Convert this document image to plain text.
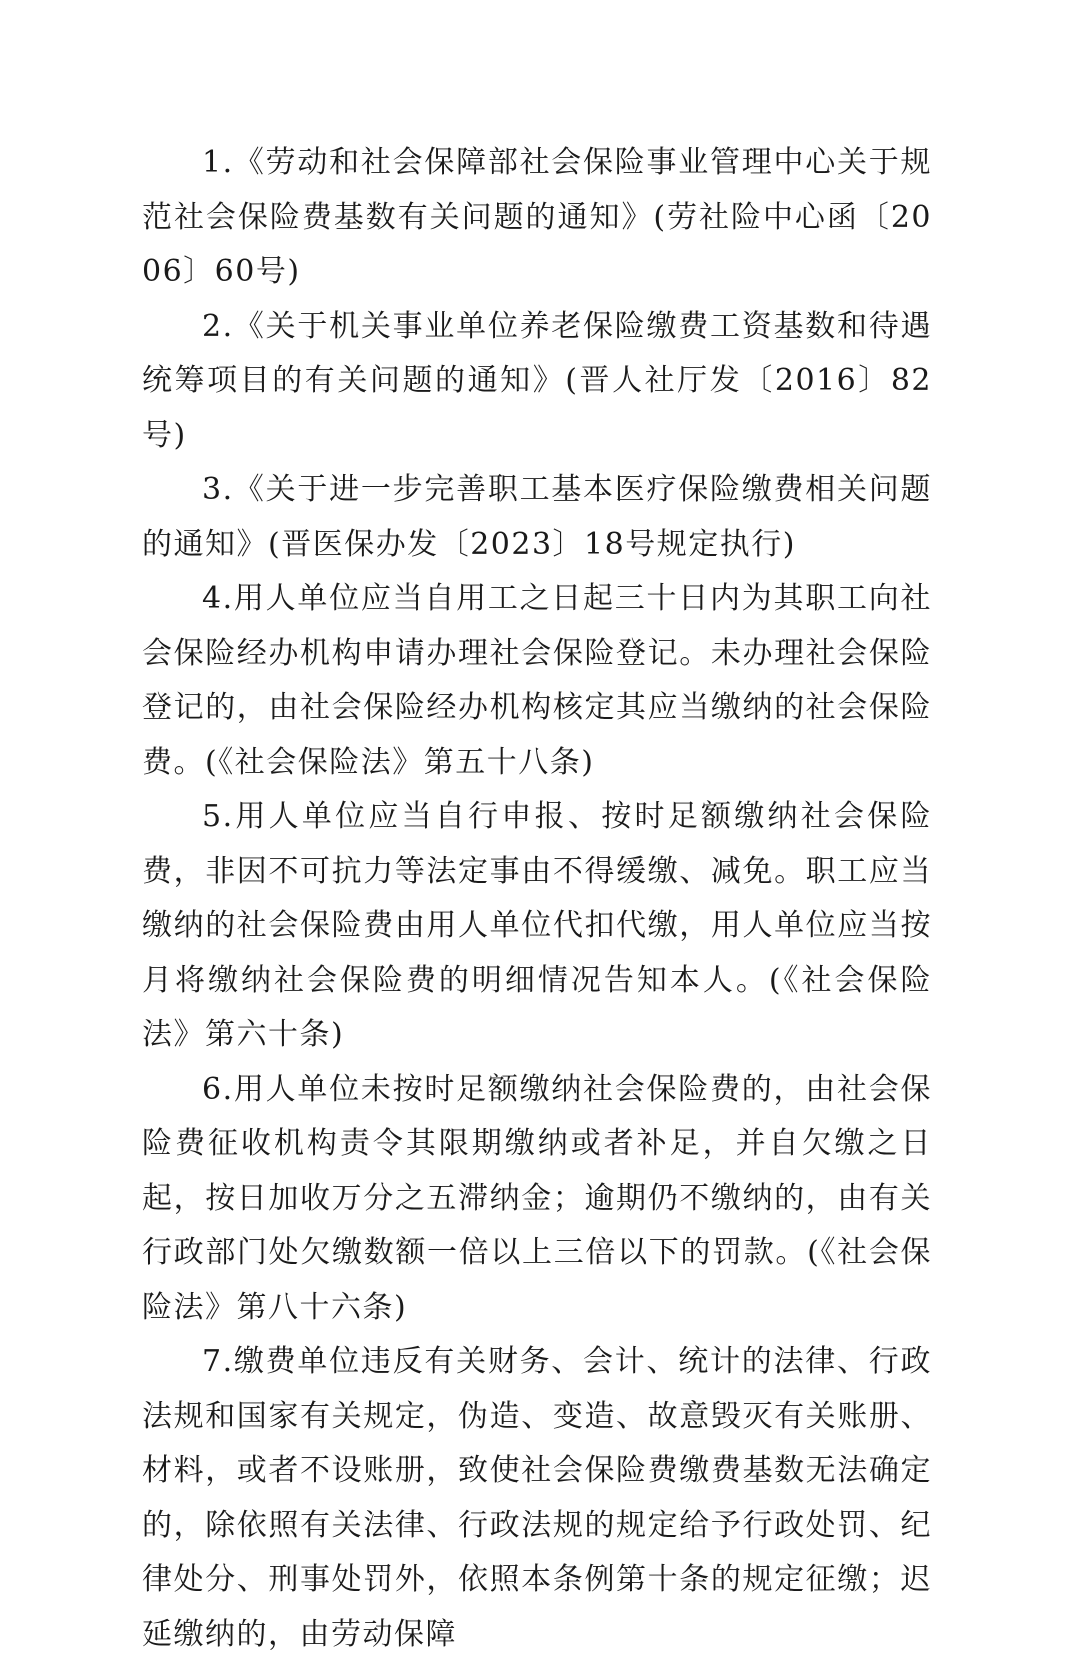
1.《劳动和社会保障部社会保险事业管理中心关于规范社会保险费基数有关问题的通知》(劳社险中心函〔2006〕60号)

2.《关于机关事业单位养老保险缴费工资基数和待遇统筹项目的有关问题的通知》(晋人社厅发〔2016〕82号)

3.《关于进一步完善职工基本医疗保险缴费相关问题的通知》(晋医保办发〔2023〕18号规定执行)

4.用人单位应当自用工之日起三十日内为其职工向社会保险经办机构申请办理社会保险登记。未办理社会保险登记的，由社会保险经办机构核定其应当缴纳的社会保险费。(《社会保险法》第五十八条)

5.用人单位应当自行申报、按时足额缴纳社会保险费，非因不可抗力等法定事由不得缓缴、减免。职工应当缴纳的社会保险费由用人单位代扣代缴，用人单位应当按月将缴纳社会保险费的明细情况告知本人。(《社会保险法》第六十条)

6.用人单位未按时足额缴纳社会保险费的，由社会保险费征收机构责令其限期缴纳或者补足，并自欠缴之日起，按日加收万分之五滞纳金；逾期仍不缴纳的，由有关行政部门处欠缴数额一倍以上三倍以下的罚款。(《社会保险法》第八十六条)

7.缴费单位违反有关财务、会计、统计的法律、行政法规和国家有关规定，伪造、变造、故意毁灭有关账册、材料，或者不设账册，致使社会保险费缴费基数无法确定的，除依照有关法律、行政法规的规定给予行政处罚、纪律处分、刑事处罚外，依照本条例第十条的规定征缴；迟延缴纳的，由劳动保障
